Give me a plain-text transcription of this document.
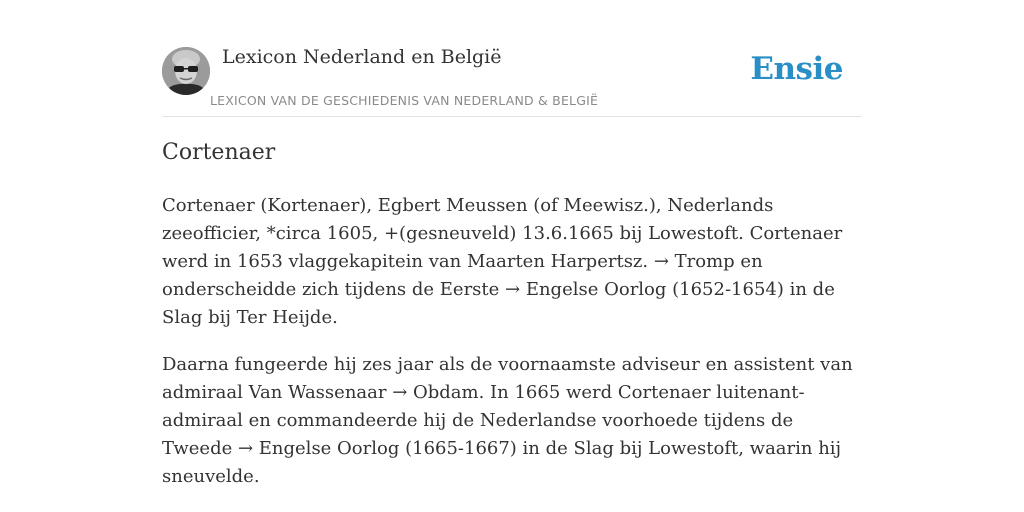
Lexicon Nederland en België
LEXICON VAN DE GESCHIEDENIS VAN NEDERLAND & BELGIË
Ensie
Cortenaer

Cortenaer (Kortenaer), Egbert Meussen (of Meewisz.), Nederlands zeeofficier, *circa 1605, +(gesneuveld) 13.6.1665 bij Lowestoft. Cortenaer werd in 1653 vlaggekapitein van Maarten Harpertsz. → Tromp en onderscheidde zich tijdens de Eerste → Engelse Oorlog (1652-1654) in de Slag bij Ter Heijde.

Daarna fungeerde hij zes jaar als de voornaamste adviseur en assistent van admiraal Van Wassenaar → Obdam. In 1665 werd Cortenaer luitenant-admiraal en commandeerde hij de Nederlandse voorhoede tijdens de Tweede → Engelse Oorlog (1665-1667) in de Slag bij Lowestoft, waarin hij sneuvelde.
